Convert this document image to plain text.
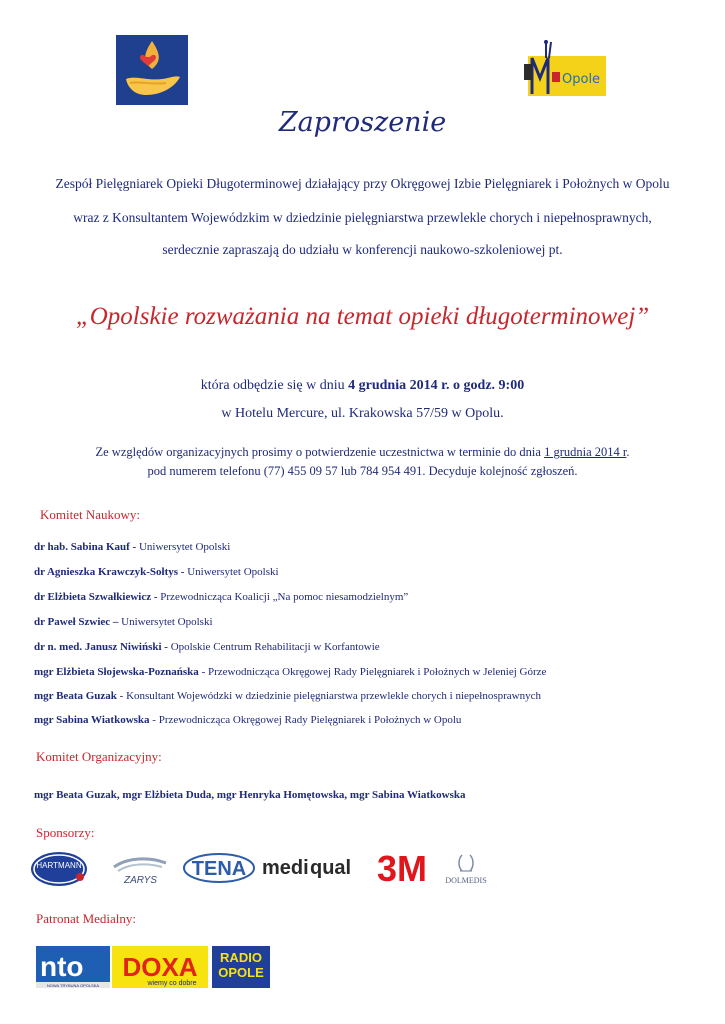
Opole
Zaproszenie
Zespół Pielęgniarek Opieki Długoterminowej działający przy Okręgowej Izbie Pielęgniarek i Położnych w Opolu
wraz z Konsultantem Wojewódzkim w dziedzinie pielęgniarstwa przewlekle chorych i niepełnosprawnych,
serdecznie zapraszają do udziału w konferencji naukowo-szkoleniowej pt.
„Opolskie rozważania na temat opieki długoterminowej”
która odbędzie się w dniu 4 grudnia 2014 r. o godz. 9:00
w Hotelu Mercure, ul. Krakowska 57/59 w Opolu.
Ze względów organizacyjnych prosimy o potwierdzenie uczestnictwa w terminie do dnia 1 grudnia 2014 r.
pod numerem telefonu (77) 455 09 57 lub 784 954 491. Decyduje kolejność zgłoszeń.
Komitet Naukowy:
dr hab. Sabina Kauf - Uniwersytet Opolski
dr Agnieszka Krawczyk-Sołtys - Uniwersytet Opolski
dr Elżbieta Szwałkiewicz - Przewodnicząca Koalicji „Na pomoc niesamodzielnym”
dr Paweł Szwiec – Uniwersytet Opolski
dr n. med. Janusz Niwiński - Opolskie Centrum Rehabilitacji w Korfantowie
mgr Elżbieta Słojewska-Poznańska - Przewodnicząca Okręgowej Rady Pielęgniarek i Położnych w Jeleniej Górze
mgr Beata Guzak - Konsultant Wojewódzki w dziedzinie pielęgniarstwa przewlekle chorych i niepełnosprawnych
mgr Sabina Wiatkowska - Przewodnicząca Okręgowej Rady Pielęgniarek i Położnych w Opolu
Komitet Organizacyjny:
mgr Beata Guzak, mgr Elżbieta Duda, mgr Henryka Homętowska, mgr Sabina Wiatkowska
Sponsorzy:
HARTMANN
ZARYS
TENA medi qual 3M DOLMEDIS
Patronat Medialny:
nto
NOWA TRYBUNA OPOLSKA
DOXA
wiemy co dobre
RADIO
OPOLE
